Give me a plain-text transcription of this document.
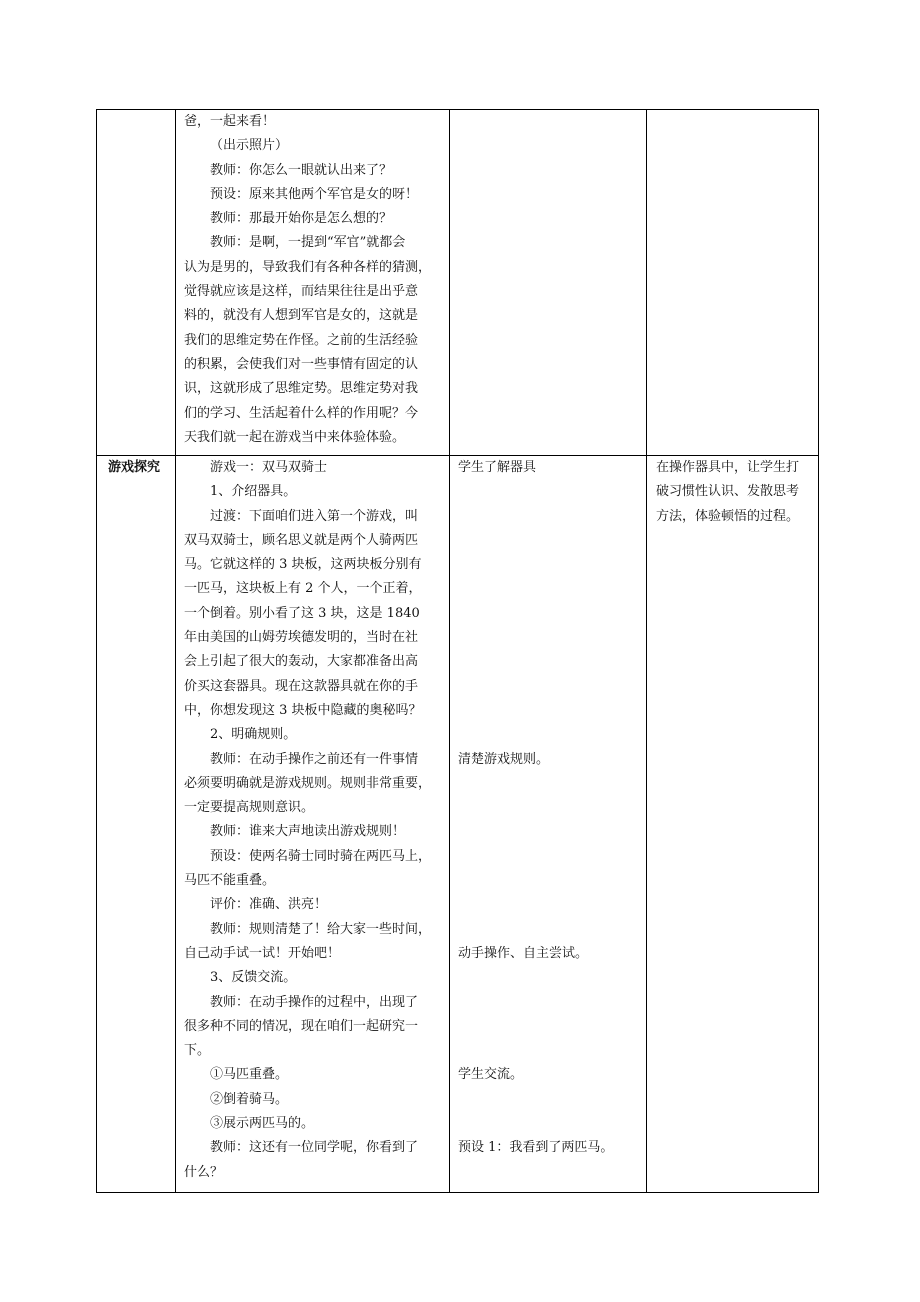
爸，一起来看！
（出示照片）
教师：你怎么一眼就认出来了？
预设：原来其他两个军官是女的呀！
教师：那最开始你是怎么想的？
教师：是啊，一提到“军官”就都会
认为是男的，导致我们有各种各样的猜测，
觉得就应该是这样，而结果往往是出乎意
料的，就没有人想到军官是女的，这就是
我们的思维定势在作怪。之前的生活经验
的积累，会使我们对一些事情有固定的认
识，这就形成了思维定势。思维定势对我
们的学习、生活起着什么样的作用呢？今
天我们就一起在游戏当中来体验体验。
游戏探究	游戏一：双马双骑士
1、介绍器具。
过渡：下面咱们进入第一个游戏，叫
双马双骑士，顾名思义就是两个人骑两匹
马。它就这样的 3 块板，这两块板分别有
一匹马，这块板上有 2 个人，一个正着，
一个倒着。别小看了这 3 块，这是 1840
年由美国的山姆劳埃德发明的，当时在社
会上引起了很大的轰动，大家都准备出高
价买这套器具。现在这款器具就在你的手
中，你想发现这 3 块板中隐藏的奥秘吗？
2、明确规则。
教师：在动手操作之前还有一件事情
必须要明确就是游戏规则。规则非常重要，
一定要提高规则意识。
教师：谁来大声地读出游戏规则！
预设：使两名骑士同时骑在两匹马上，
马匹不能重叠。
评价：准确、洪亮！
教师：规则清楚了！给大家一些时间，
自己动手试一试！开始吧！
3、反馈交流。
教师：在动手操作的过程中，出现了
很多种不同的情况，现在咱们一起研究一
下。
①马匹重叠。
②倒着骑马。
③展示两匹马的。
教师：这还有一位同学呢，你看到了
什么？
学生了解器具
清楚游戏规则。
动手操作、自主尝试。
学生交流。
预设 1：我看到了两匹马。
在操作器具中，让学生打
破习惯性认识、发散思考
方法，体验顿悟的过程。
